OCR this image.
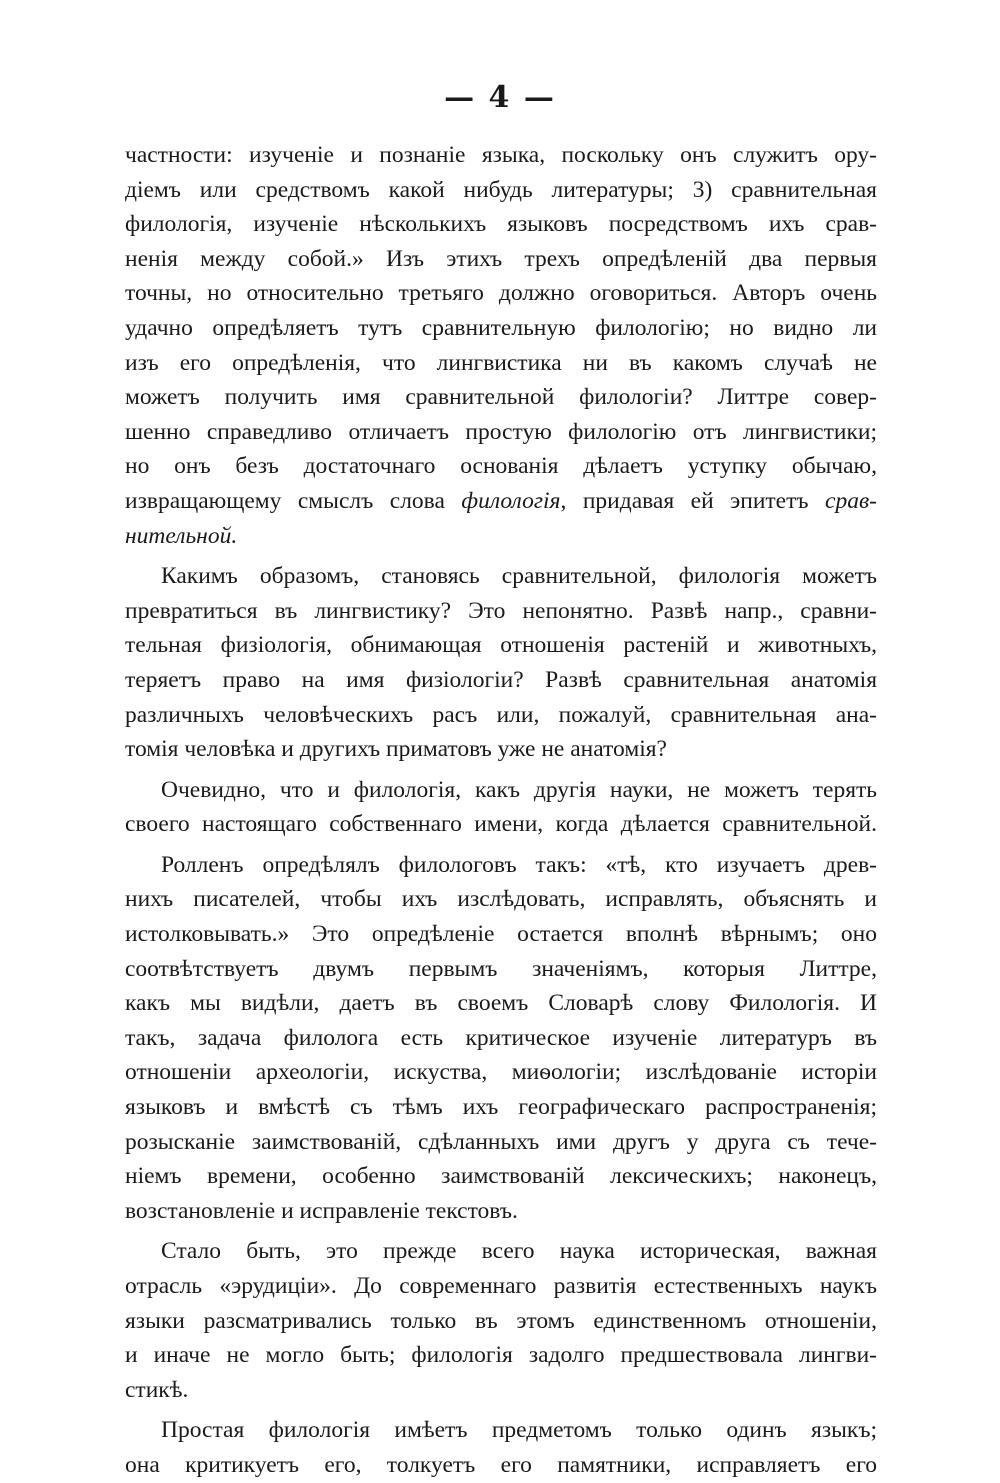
— 4 —
частности: изученіе и познаніе языка, поскольку онъ служитъ ору-
діемъ или средствомъ какой нибудь литературы; 3) сравнительная
филологія, изученіе нѣсколькихъ языковъ посредствомъ ихъ срав-
ненія между собой.» Изъ этихъ трехъ опредѣленій два первыя
точны, но относительно третьяго должно оговориться. Авторъ очень
удачно опредѣляетъ тутъ сравнительную филологію; но видно ли
изъ его опредѣленія, что лингвистика ни въ какомъ случаѣ не
можетъ получить имя сравнительной филологіи? Литтре совер-
шенно справедливо отличаетъ простую филологію отъ лингвистики;
но онъ безъ достаточнаго основанія дѣлаетъ уступку обычаю,
извращающему смыслъ слова филологія, придавая ей эпитетъ срав-
нительной.
Какимъ образомъ, становясь сравнительной, филологія можетъ
превратиться въ лингвистику? Это непонятно. Развѣ напр., сравни-
тельная физіологія, обнимающая отношенія растеній и животныхъ,
теряетъ право на имя физіологіи? Развѣ сравнительная анатомія
различныхъ человѣческихъ расъ или, пожалуй, сравнительная ана-
томія человѣка и другихъ приматовъ уже не анатомія?
Очевидно, что и филологія, какъ другія науки, не можетъ терять
своего настоящаго собственнаго имени, когда дѣлается сравнительной.
Ролленъ опредѣлялъ филологовъ такъ: «тѣ, кто изучаетъ древ-
нихъ писателей, чтобы ихъ изслѣдовать, исправлять, объяснять и
истолковывать.» Это опредѣленіе остается вполнѣ вѣрнымъ; оно
соотвѣтствуетъ двумъ первымъ значеніямъ, которыя Литтре,
какъ мы видѣли, даетъ въ своемъ Словарѣ слову Филологія. И
такъ, задача филолога есть критическое изученіе литературъ въ
отношеніи археологіи, искуства, миѳологіи; изслѣдованіе исторіи
языковъ и вмѣстѣ съ тѣмъ ихъ географическаго распространенія;
розысканіе заимствованій, сдѣланныхъ ими другъ у друга съ тече-
ніемъ времени, особенно заимствованій лексическихъ; наконецъ,
возстановленіе и исправленіе текстовъ.
Стало быть, это прежде всего наука историческая, важная
отрасль «эрудиціи». До современнаго развитія естественныхъ наукъ
языки разсматривались только въ этомъ единственномъ отношеніи,
и иначе не могло быть; филологія задолго предшествовала лингви-
стикѣ.
Простая филологія имѣетъ предметомъ только одинъ языкъ;
она критикуетъ его, толкуетъ его памятники, исправляетъ его
